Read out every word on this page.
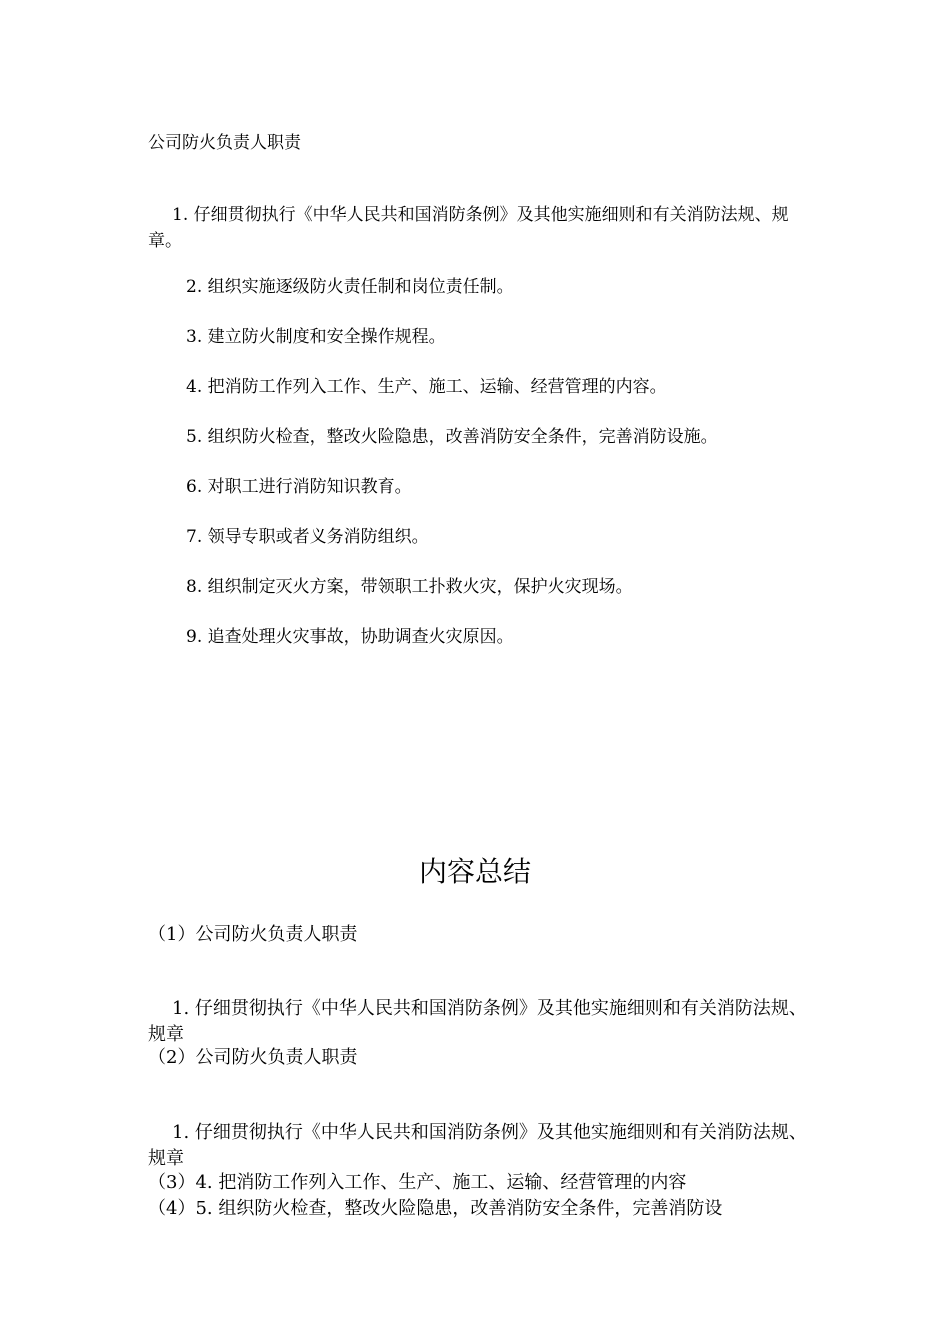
公司防火负责人职责

1. 仔细贯彻执行《中华人民共和国消防条例》及其他实施细则和有关消防法规、规章。

2. 组织实施逐级防火责任制和岗位责任制。

3. 建立防火制度和安全操作规程。

4. 把消防工作列入工作、生产、施工、运输、经营管理的内容。

5. 组织防火检查，整改火险隐患，改善消防安全条件，完善消防设施。

6. 对职工进行消防知识教育。

7. 领导专职或者义务消防组织。

8. 组织制定灭火方案，带领职工扑救火灾，保护火灾现场。

9. 追查处理火灾事故，协助调查火灾原因。

内容总结

（1）公司防火负责人职责

1. 仔细贯彻执行《中华人民共和国消防条例》及其他实施细则和有关消防法规、规章

（2）公司防火负责人职责

1. 仔细贯彻执行《中华人民共和国消防条例》及其他实施细则和有关消防法规、规章

（3）4. 把消防工作列入工作、生产、施工、运输、经营管理的内容

（4）5. 组织防火检查，整改火险隐患，改善消防安全条件，完善消防设
